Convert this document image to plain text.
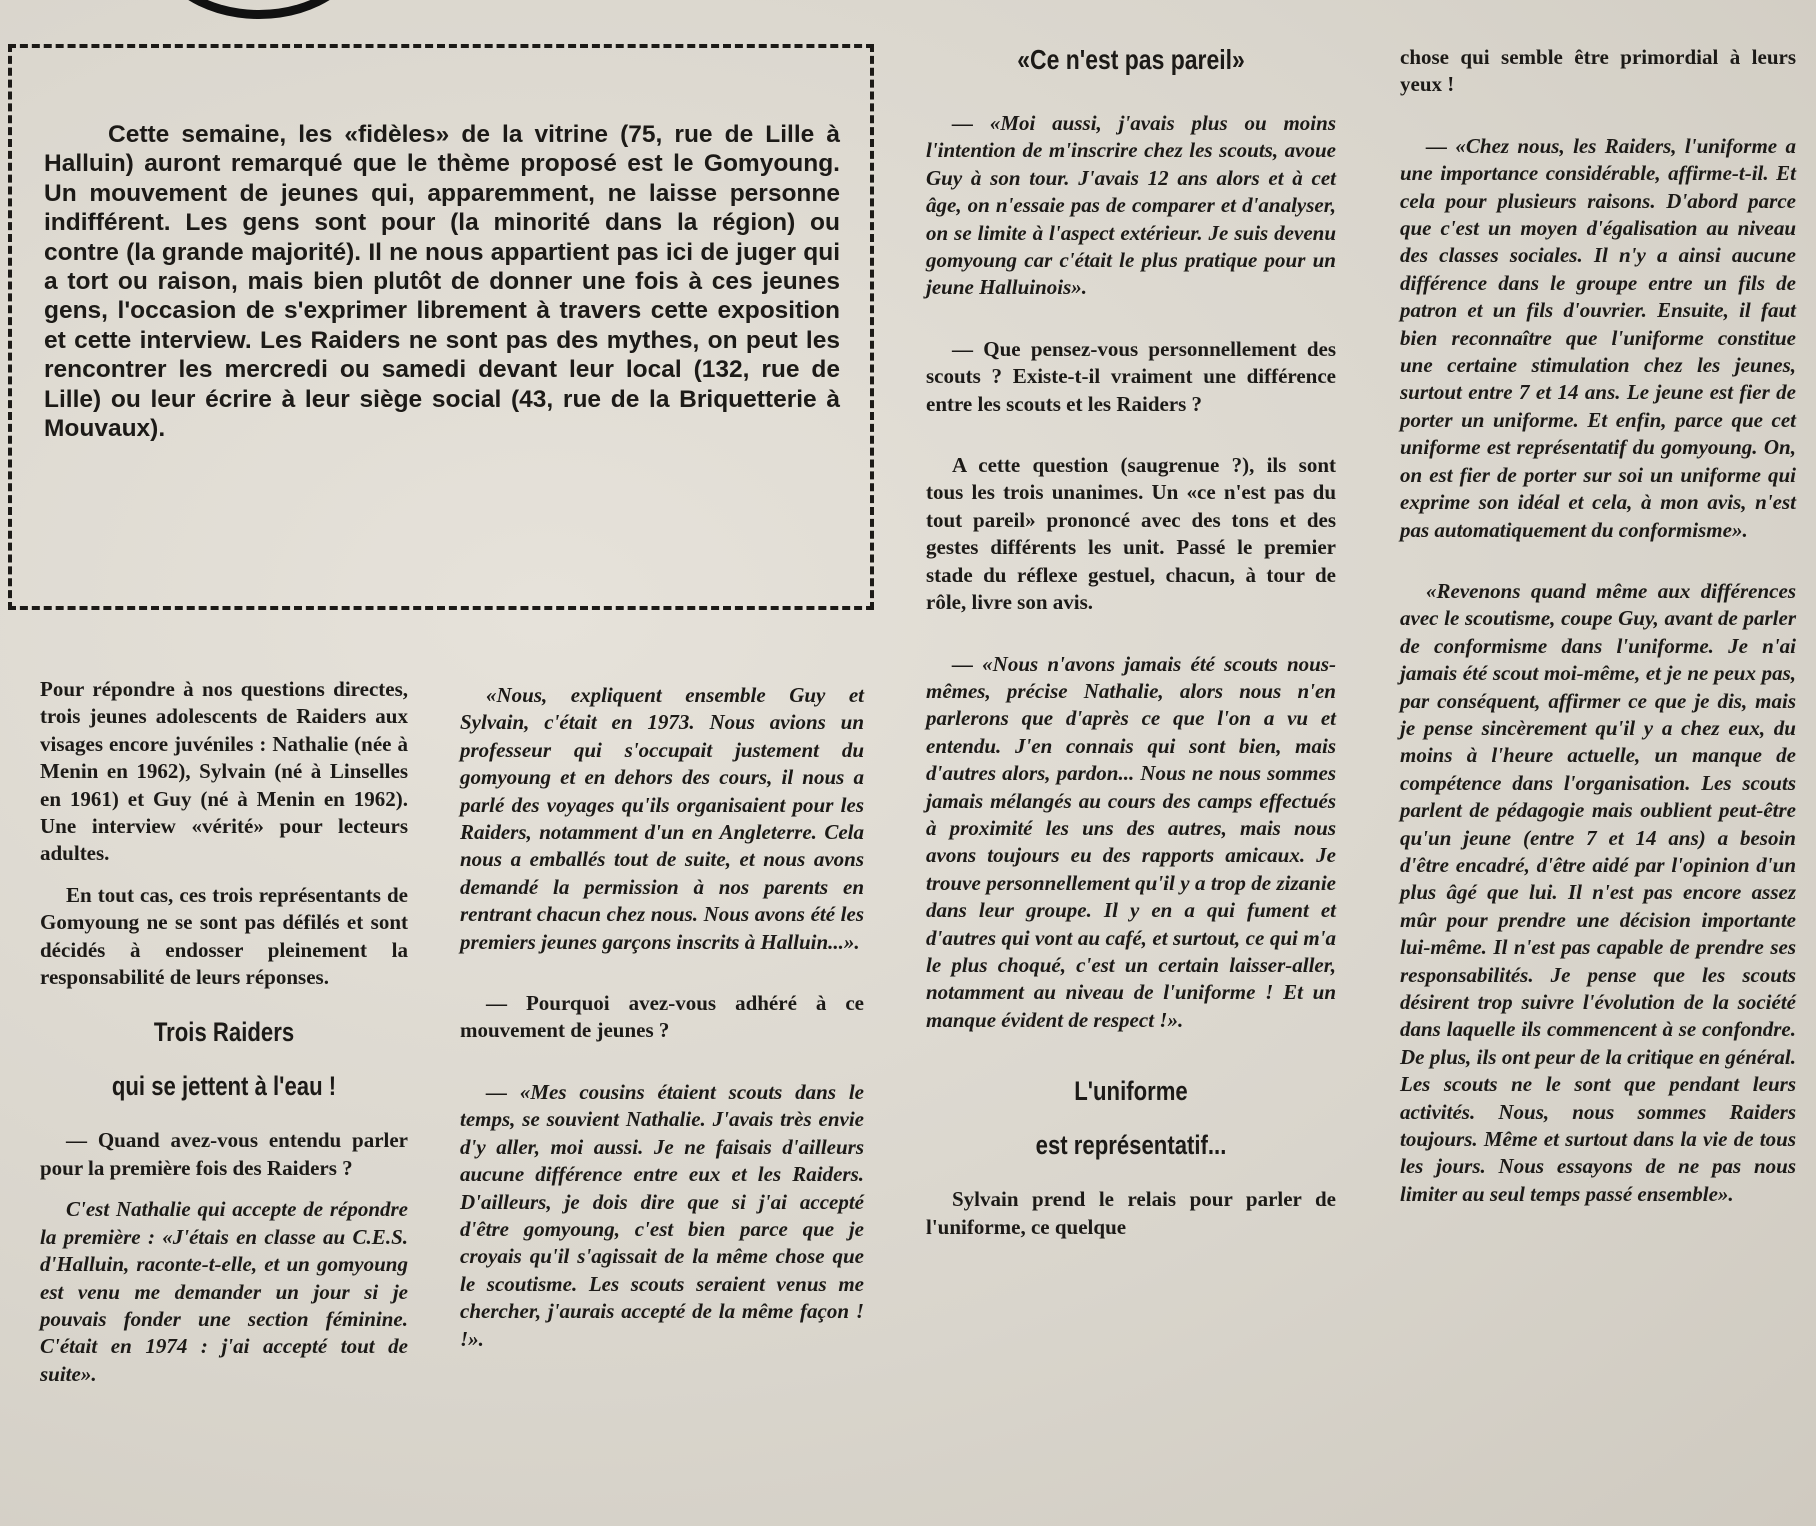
Cette semaine, les «fidèles» de la vitrine (75, rue de Lille à Halluin) auront remarqué que le thème proposé est le Gomyoung. Un mouvement de jeunes qui, apparemment, ne laisse personne indifférent. Les gens sont pour (la minorité dans la région) ou contre (la grande majorité). Il ne nous appartient pas ici de juger qui a tort ou raison, mais bien plutôt de donner une fois à ces jeunes gens, l'occasion de s'exprimer librement à travers cette exposition et cette interview. Les Raiders ne sont pas des mythes, on peut les rencontrer les mercredi ou samedi devant leur local (132, rue de Lille) ou leur écrire à leur siège social (43, rue de la Briquetterie à Mouvaux).

Pour répondre à nos questions directes, trois jeunes adolescents de Raiders aux visages encore juvéniles : Nathalie (née à Menin en 1962), Sylvain (né à Linselles en 1961) et Guy (né à Menin en 1962). Une interview «vérité» pour lecteurs adultes.

En tout cas, ces trois représentants de Gomyoung ne se sont pas défilés et sont décidés à endosser pleinement la responsabilité de leurs réponses.

Trois Raiders
qui se jettent à l'eau !

— Quand avez-vous entendu parler pour la première fois des Raiders ?

C'est Nathalie qui accepte de répondre la première : «J'étais en classe au C.E.S. d'Halluin, raconte-t-elle, et un gomyoung est venu me demander un jour si je pouvais fonder une section féminine. C'était en 1974 : j'ai accepté tout de suite».

«Nous, expliquent ensemble Guy et Sylvain, c'était en 1973. Nous avions un professeur qui s'occupait justement du gomyoung et en dehors des cours, il nous a parlé des voyages qu'ils organisaient pour les Raiders, notamment d'un en Angleterre. Cela nous a emballés tout de suite, et nous avons demandé la permission à nos parents en rentrant chacun chez nous. Nous avons été les premiers jeunes garçons inscrits à Halluin...».

— Pourquoi avez-vous adhéré à ce mouvement de jeunes ?

— «Mes cousins étaient scouts dans le temps, se souvient Nathalie. J'avais très envie d'y aller, moi aussi. Je ne faisais d'ailleurs aucune différence entre eux et les Raiders. D'ailleurs, je dois dire que si j'ai accepté d'être gomyoung, c'est bien parce que je croyais qu'il s'agissait de la même chose que le scoutisme. Les scouts seraient venus me chercher, j'aurais accepté de la même façon ! !».

«Ce n'est pas pareil»

— «Moi aussi, j'avais plus ou moins l'intention de m'inscrire chez les scouts, avoue Guy à son tour. J'avais 12 ans alors et à cet âge, on n'essaie pas de comparer et d'analyser, on se limite à l'aspect extérieur. Je suis devenu gomyoung car c'était le plus pratique pour un jeune Halluinois».

— Que pensez-vous personnellement des scouts ? Existe-t-il vraiment une différence entre les scouts et les Raiders ?

A cette question (saugrenue ?), ils sont tous les trois unanimes. Un «ce n'est pas du tout pareil» prononcé avec des tons et des gestes différents les unit. Passé le premier stade du réflexe gestuel, chacun, à tour de rôle, livre son avis.

— «Nous n'avons jamais été scouts nous-mêmes, précise Nathalie, alors nous n'en parlerons que d'après ce que l'on a vu et entendu. J'en connais qui sont bien, mais d'autres alors, pardon... Nous ne nous sommes jamais mélangés au cours des camps effectués à proximité les uns des autres, mais nous avons toujours eu des rapports amicaux. Je trouve personnellement qu'il y a trop de zizanie dans leur groupe. Il y en a qui fument et d'autres qui vont au café, et surtout, ce qui m'a le plus choqué, c'est un certain laisser-aller, notamment au niveau de l'uniforme ! Et un manque évident de respect !».

L'uniforme
est représentatif...

Sylvain prend le relais pour parler de l'uniforme, ce quelque

chose qui semble être primordial à leurs yeux !

— «Chez nous, les Raiders, l'uniforme a une importance considérable, affirme-t-il. Et cela pour plusieurs raisons. D'abord parce que c'est un moyen d'égalisation au niveau des classes sociales. Il n'y a ainsi aucune différence dans le groupe entre un fils de patron et un fils d'ouvrier. Ensuite, il faut bien reconnaître que l'uniforme constitue une certaine stimulation chez les jeunes, surtout entre 7 et 14 ans. Le jeune est fier de porter un uniforme. Et enfin, parce que cet uniforme est représentatif du gomyoung. On, on est fier de porter sur soi un uniforme qui exprime son idéal et cela, à mon avis, n'est pas automatiquement du conformisme».

«Revenons quand même aux différences avec le scoutisme, coupe Guy, avant de parler de conformisme dans l'uniforme. Je n'ai jamais été scout moi-même, et je ne peux pas, par conséquent, affirmer ce que je dis, mais je pense sincèrement qu'il y a chez eux, du moins à l'heure actuelle, un manque de compétence dans l'organisation. Les scouts parlent de pédagogie mais oublient peut-être qu'un jeune (entre 7 et 14 ans) a besoin d'être encadré, d'être aidé par l'opinion d'un plus âgé que lui. Il n'est pas encore assez mûr pour prendre une décision importante lui-même. Il n'est pas capable de prendre ses responsabilités. Je pense que les scouts désirent trop suivre l'évolution de la société dans laquelle ils commencent à se confondre. De plus, ils ont peur de la critique en général. Les scouts ne le sont que pendant leurs activités. Nous, nous sommes Raiders toujours. Même et surtout dans la vie de tous les jours. Nous essayons de ne pas nous limiter au seul temps passé ensemble».
